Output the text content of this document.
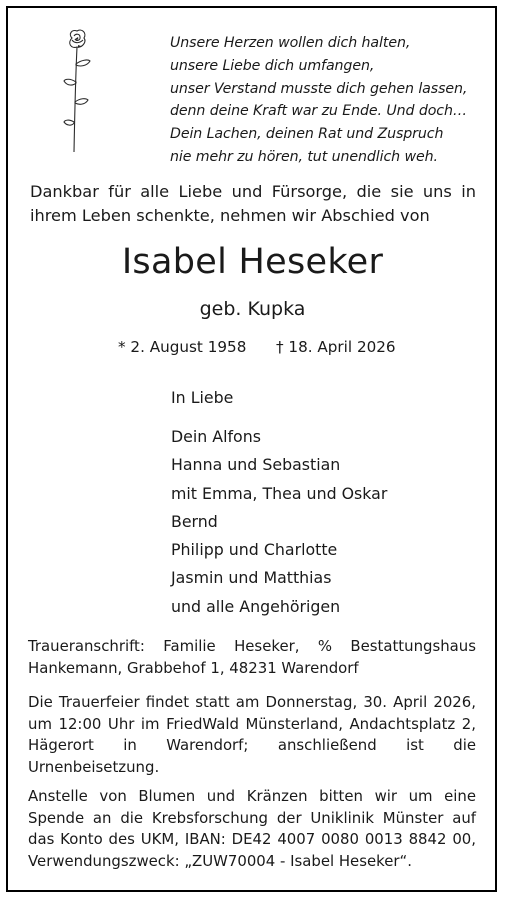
Unsere Herzen wollen dich halten,
unsere Liebe dich umfangen,
unser Verstand musste dich gehen lassen,
denn deine Kraft war zu Ende. Und doch…
Dein Lachen, deinen Rat und Zuspruch
nie mehr zu hören, tut unendlich weh.
Dankbar für alle Liebe und Fürsorge, die sie uns in
ihrem Leben schenkte, nehmen wir Abschied von
Isabel Heseker
geb. Kupka
* 2. August 1958 † 18. April 2026
In Liebe
Dein Alfons
Hanna und Sebastian
mit Emma, Thea und Oskar
Bernd
Philipp und Charlotte
Jasmin und Matthias
und alle Angehörigen
Traueranschrift: Familie Heseker, % Bestattungshaus
Hankemann, Grabbehof 1, 48231 Warendorf
Die Trauerfeier findet statt am Donnerstag, 30. April 2026,
um 12:00 Uhr im FriedWald Münsterland, Andachtsplatz 2,
Hägerort in Warendorf; anschließend ist die
Urnenbeisetzung.
Anstelle von Blumen und Kränzen bitten wir um eine
Spende an die Krebsforschung der Uniklinik Münster auf
das Konto des UKM, IBAN: DE42 4007 0080 0013 8842 00,
Verwendungszweck: „ZUW70004 - Isabel Heseker“.
